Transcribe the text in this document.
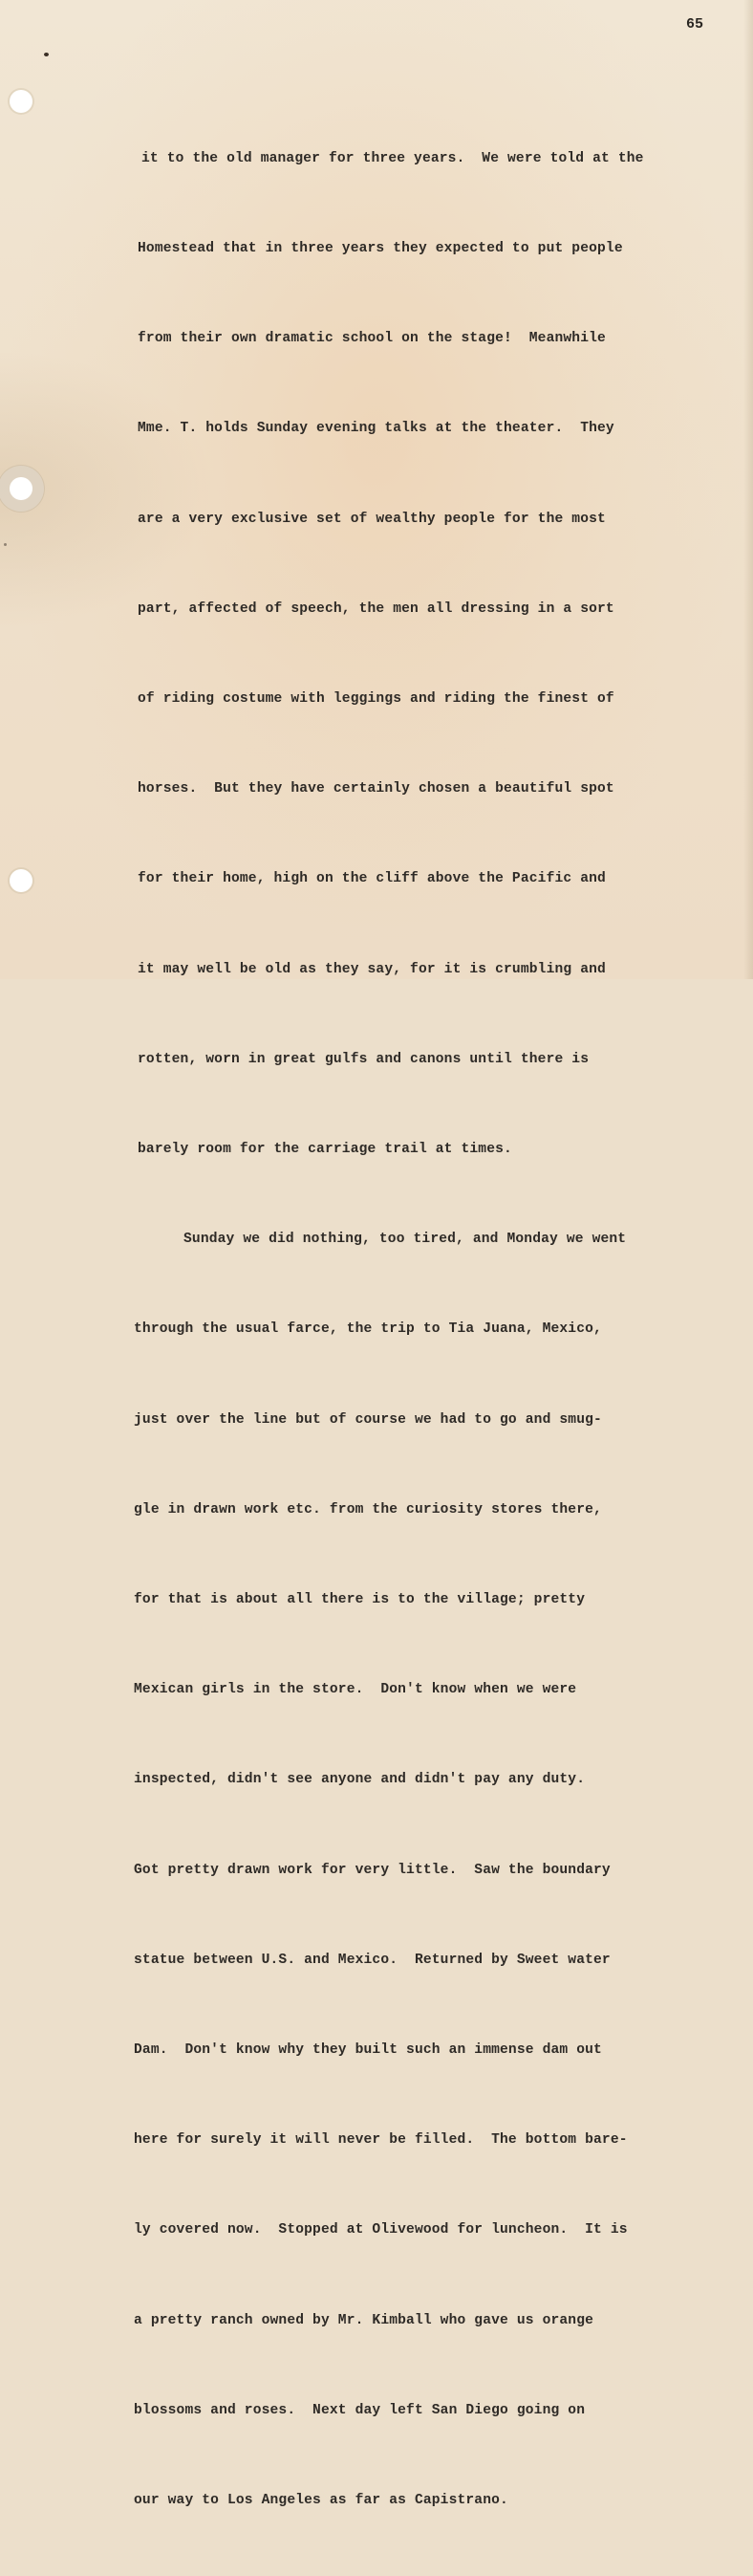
65

it to the old manager for three years.  We were told at the

Homestead that in three years they expected to put people

from their own dramatic school on the stage!  Meanwhile

Mme. T. holds Sunday evening talks at the theater.  They

are a very exclusive set of wealthy people for the most

part, affected of speech, the men all dressing in a sort

of riding costume with leggings and riding the finest of

horses.  But they have certainly chosen a beautiful spot

for their home, high on the cliff above the Pacific and

it may well be old as they say, for it is crumbling and

rotten, worn in great gulfs and canons until there is

barely room for the carriage trail at times.

Sunday we did nothing, too tired, and Monday we went

through the usual farce, the trip to Tia Juana, Mexico,

just over the line but of course we had to go and smug-

gle in drawn work etc. from the curiosity stores there,

for that is about all there is to the village; pretty

Mexican girls in the store.  Don't know when we were

inspected, didn't see anyone and didn't pay any duty.

Got pretty drawn work for very little.  Saw the boundary

statue between U.S. and Mexico.  Returned by Sweet water

Dam.  Don't know why they built such an immense dam out

here for surely it will never be filled.  The bottom bare-

ly covered now.  Stopped at Olivewood for luncheon.  It is

a pretty ranch owned by Mr. Kimball who gave us orange

blossoms and roses.  Next day left San Diego going on

our way to Los Angeles as far as Capistrano.
